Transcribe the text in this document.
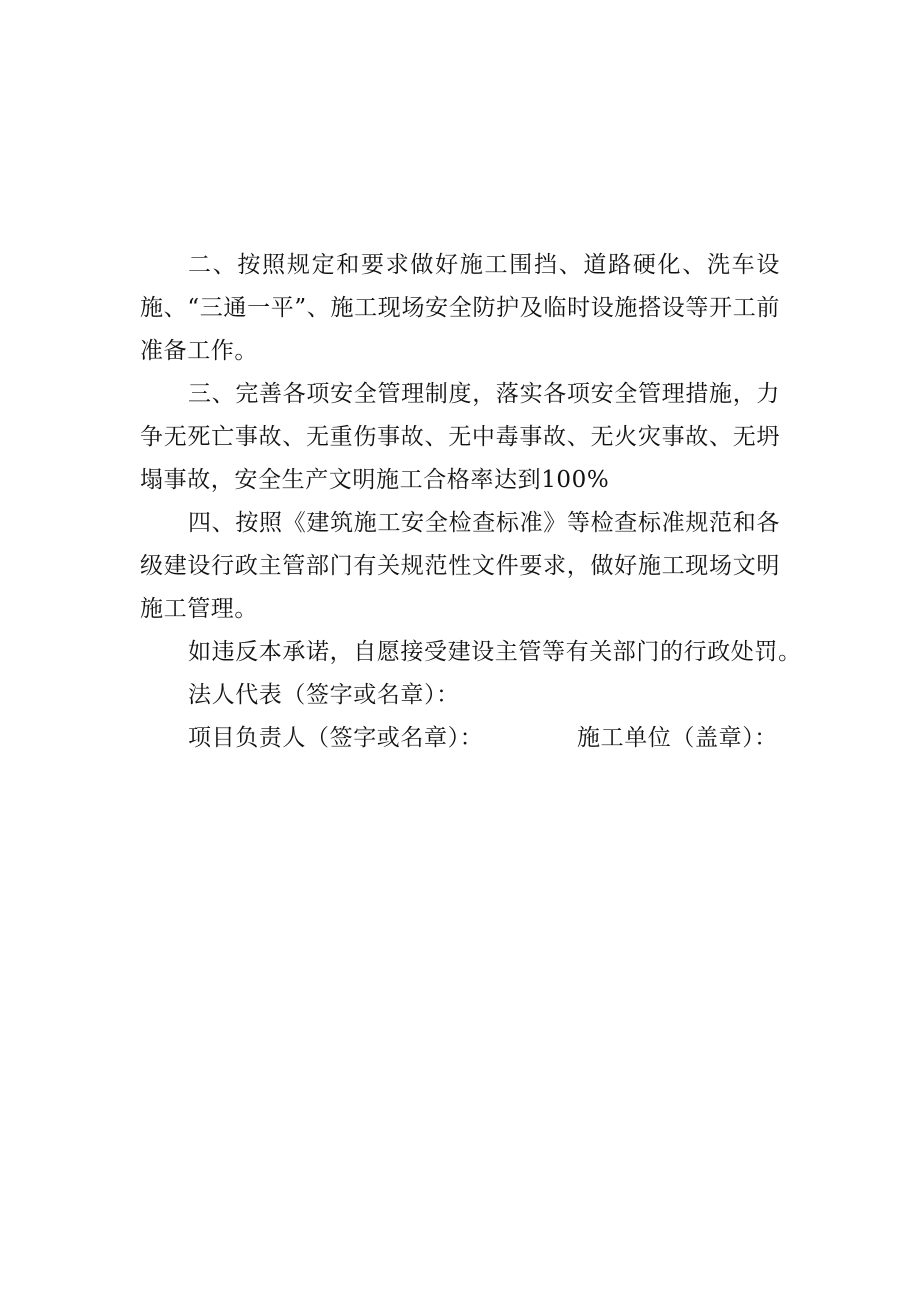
二、按照规定和要求做好施工围挡、道路硬化、洗车设施、“三通一平”、施工现场安全防护及临时设施搭设等开工前准备工作。

三、完善各项安全管理制度，落实各项安全管理措施，力争无死亡事故、无重伤事故、无中毒事故、无火灾事故、无坍塌事故，安全生产文明施工合格率达到100%

四、按照《建筑施工安全检查标准》等检查标准规范和各级建设行政主管部门有关规范性文件要求，做好施工现场文明施工管理。

如违反本承诺，自愿接受建设主管等有关部门的行政处罚。

法人代表（签字或名章）：

项目负责人（签字或名章）：	施工单位（盖章）：
